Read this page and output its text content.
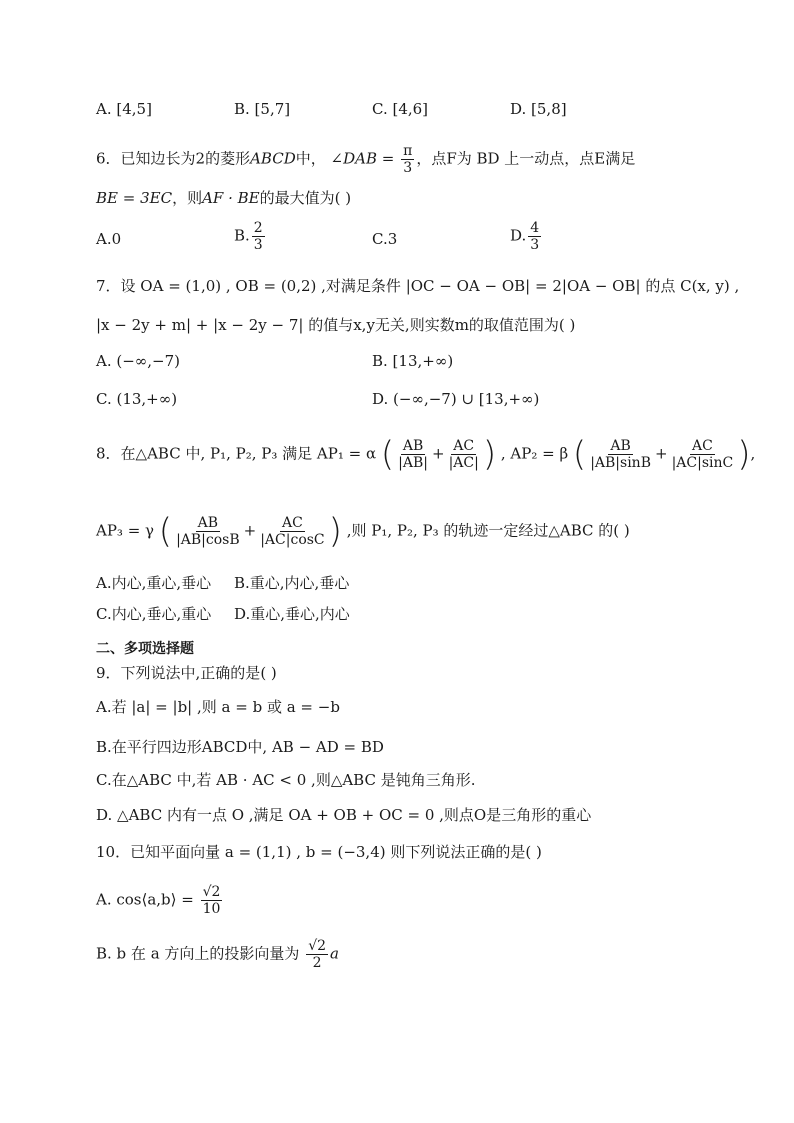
A. [4,5]	B. [5,7]	C. [4,6]	D. [5,8]
6．已知边长为2的菱形ABCD中， ∠DAB = $\frac{\pi}{3}$ ，点F为 BD 上一动点，点E满足
BE = 3EC，则AF · BE的最大值为( )
A.0	B. $\frac{2}{3}$	C.3	D. $\frac{4}{3}$
7．设 OA = (1,0) , OB = (0,2) ,对满足条件 |OC − OA − OB| = 2|OA − OB| 的点 C(x, y) ,
|x − 2y + m| + |x − 2y − 7| 的值与x,y无关,则实数m的取值范围为( )
A. (−∞,−7)	B. [13,+∞)
C. (13,+∞)	D. (−∞,−7) ∪ [13,+∞)
8．在△ABC 中, P₁, P₂, P₃ 满足 AP₁ = α ( $\frac{AB}{|AB|} + \frac{AC}{|AC|}$ ) , AP₂ = β ( $\frac{AB}{|AB|\sin B} + \frac{AC}{|AC|\sin C}$ ),
AP₃ = γ ( $\frac{AB}{|AB|\cos B} + \frac{AC}{|AC|\cos C}$ ) ,则 P₁, P₂, P₃ 的轨迹一定经过△ABC 的( )
A.内心,重心,垂心 B.重心,内心,垂心
C.内心,垂心,重心 D.重心,垂心,内心
二、多项选择题
9．下列说法中,正确的是( )
A.若 |a| = |b| ,则 a = b 或 a = −b
B.在平行四边形ABCD中, AB − AD = BD
C.在△ABC 中,若 AB · AC < 0 ,则△ABC 是钝角三角形.
D. △ABC 内有一点 O ,满足 OA + OB + OC = 0 ,则点O是三角形的重心
10．已知平面向量 a = (1,1) , b = (−3,4) 则下列说法正确的是( )
A. cos⟨a,b⟩ = $\frac{√2}{10}$
B. b 在 a 方向上的投影向量为 $\frac{√2}{2}$ a
